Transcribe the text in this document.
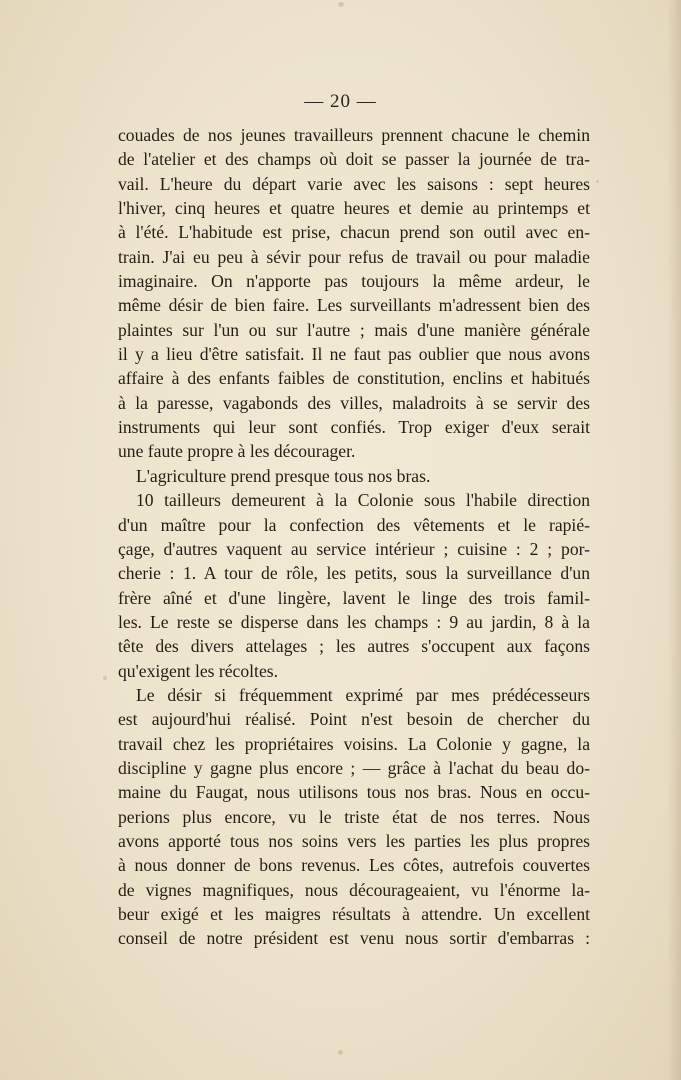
— 20 —

couades de nos jeunes travailleurs prennent chacune le chemin
de l'atelier et des champs où doit se passer la journée de tra-
vail. L'heure du départ varie avec les saisons : sept heures
l'hiver, cinq heures et quatre heures et demie au printemps et
à l'été. L'habitude est prise, chacun prend son outil avec en-
train. J'ai eu peu à sévir pour refus de travail ou pour maladie
imaginaire. On n'apporte pas toujours la même ardeur, le
même désir de bien faire. Les surveillants m'adressent bien des
plaintes sur l'un ou sur l'autre ; mais d'une manière générale
il y a lieu d'être satisfait. Il ne faut pas oublier que nous avons
affaire à des enfants faibles de constitution, enclins et habitués
à la paresse, vagabonds des villes, maladroits à se servir des
instruments qui leur sont confiés. Trop exiger d'eux serait
une faute propre à les décourager.

L'agriculture prend presque tous nos bras.

10 tailleurs demeurent à la Colonie sous l'habile direction
d'un maître pour la confection des vêtements et le rapié-
çage, d'autres vaquent au service intérieur ; cuisine : 2 ; por-
cherie : 1. A tour de rôle, les petits, sous la surveillance d'un
frère aîné et d'une lingère, lavent le linge des trois famil-
les. Le reste se disperse dans les champs : 9 au jardin, 8 à la
tête des divers attelages ; les autres s'occupent aux façons
qu'exigent les récoltes.

Le désir si fréquemment exprimé par mes prédécesseurs
est aujourd'hui réalisé. Point n'est besoin de chercher du
travail chez les propriétaires voisins. La Colonie y gagne, la
discipline y gagne plus encore ; — grâce à l'achat du beau do-
maine du Faugat, nous utilisons tous nos bras. Nous en occu-
perions plus encore, vu le triste état de nos terres. Nous
avons apporté tous nos soins vers les parties les plus propres
à nous donner de bons revenus. Les côtes, autrefois couvertes
de vignes magnifiques, nous décourageaient, vu l'énorme la-
beur exigé et les maigres résultats à attendre. Un excellent
conseil de notre président est venu nous sortir d'embarras :
